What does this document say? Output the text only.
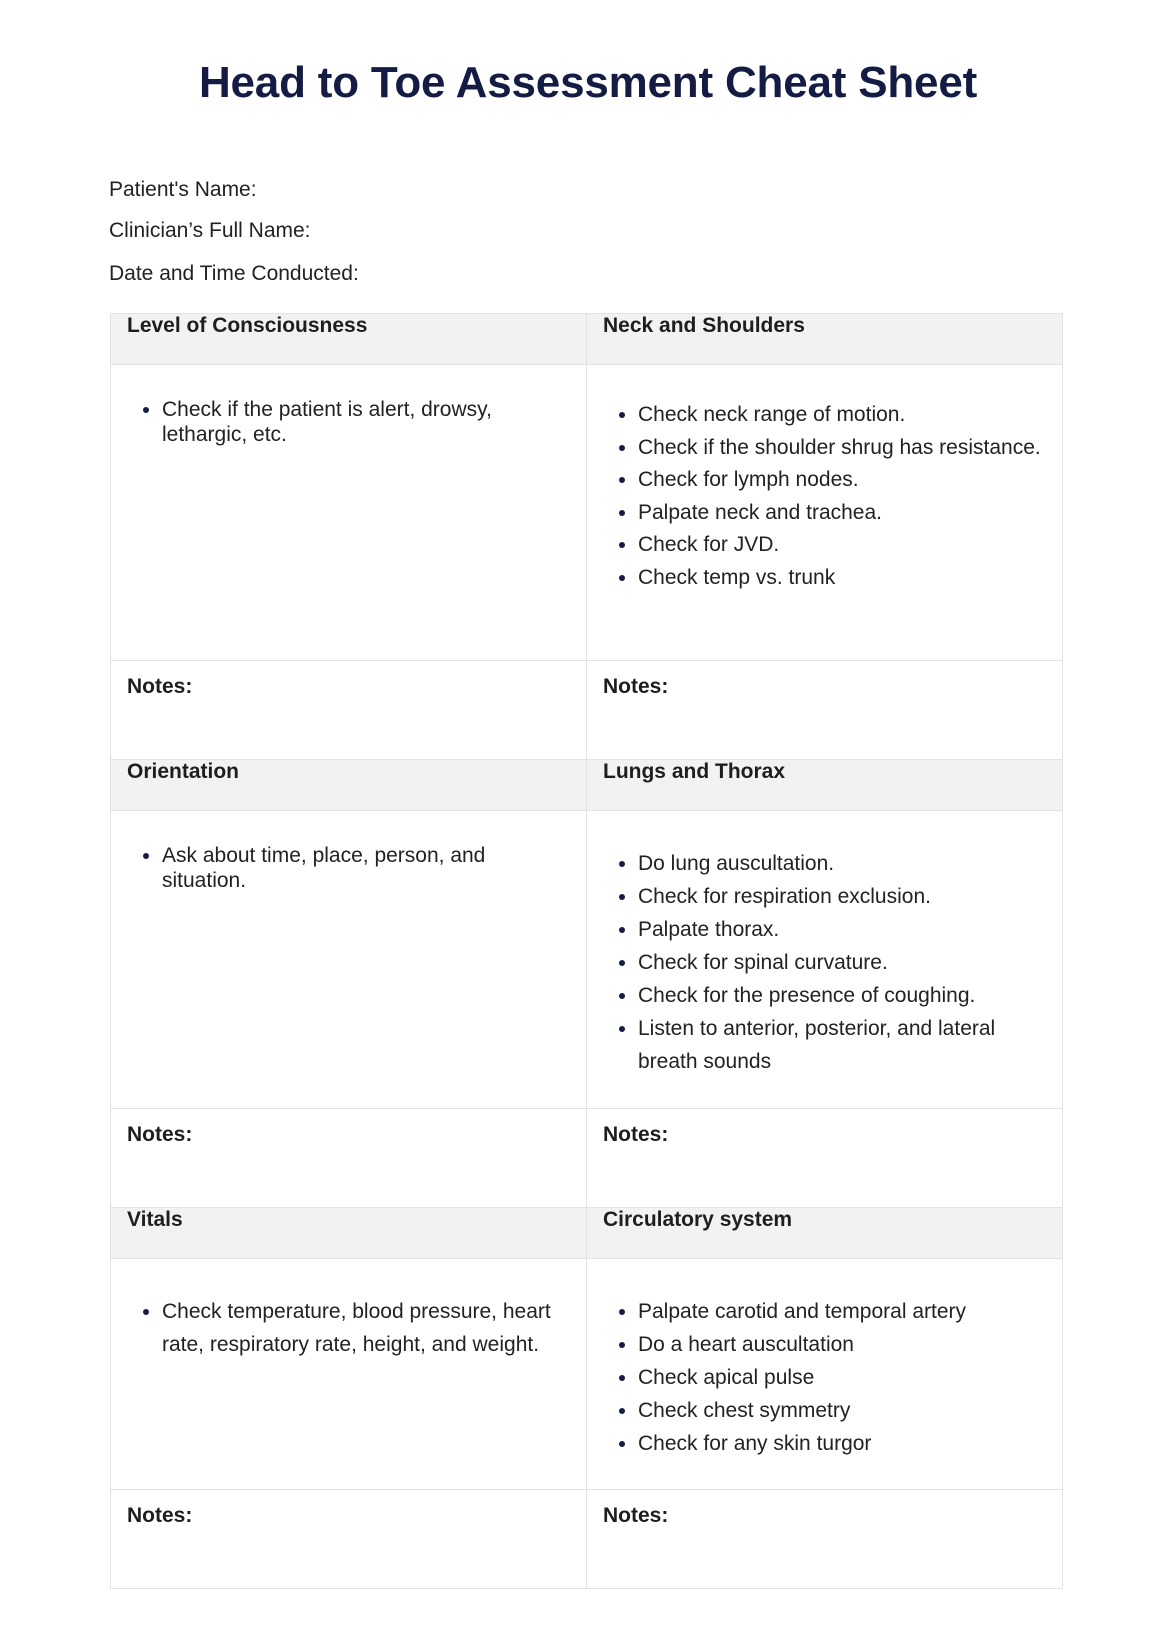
Head to Toe Assessment Cheat Sheet
Patient's Name:
Clinician’s Full Name:
Date and Time Conducted:
Level of Consciousness	Neck and Shoulders

• Check if the patient is alert, drowsy, lethargic, etc.

• Check neck range of motion.
• Check if the shoulder shrug has resistance.
• Check for lymph nodes.
• Palpate neck and trachea.
• Check for JVD.
• Check temp vs. trunk

Notes:	Notes:

Orientation	Lungs and Thorax

• Ask about time, place, person, and situation.

• Do lung auscultation.
• Check for respiration exclusion.
• Palpate thorax.
• Check for spinal curvature.
• Check for the presence of coughing.
• Listen to anterior, posterior, and lateral breath sounds

Notes:	Notes:

Vitals	Circulatory system

• Check temperature, blood pressure, heart rate, respiratory rate, height, and weight.

• Palpate carotid and temporal artery
• Do a heart auscultation
• Check apical pulse
• Check chest symmetry
• Check for any skin turgor

Notes:	Notes:
